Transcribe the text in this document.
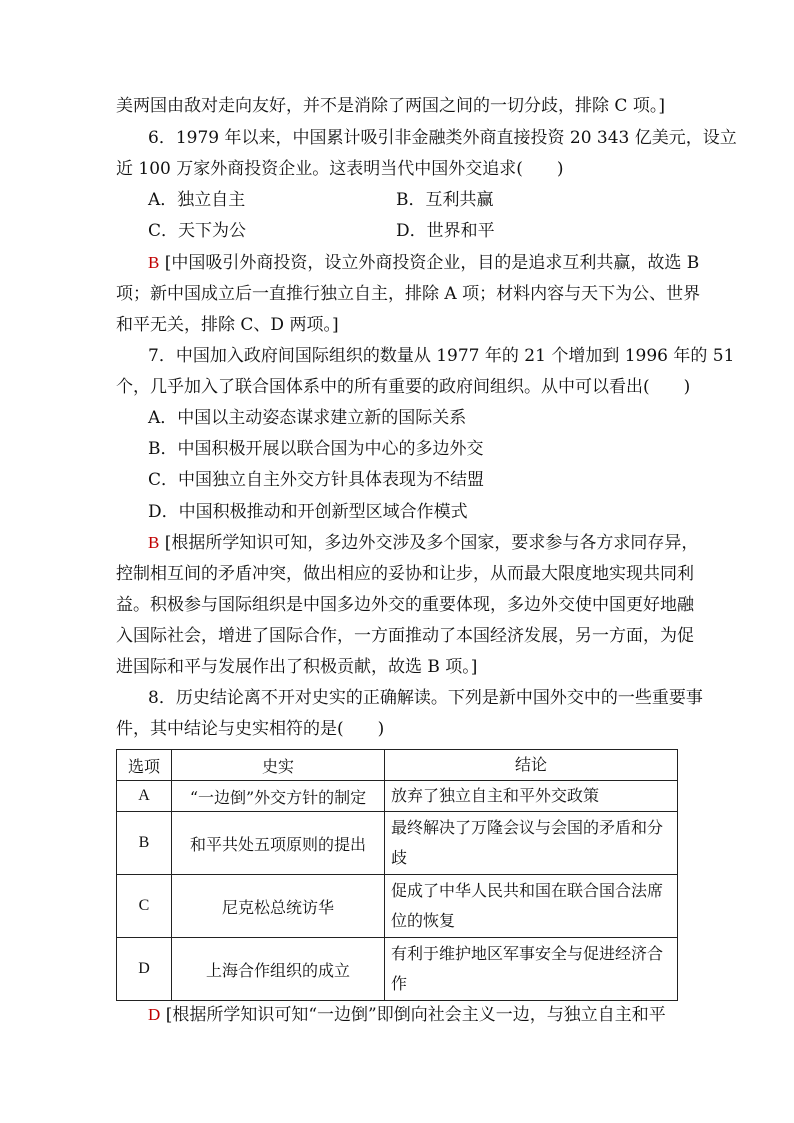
美两国由敌对走向友好，并不是消除了两国之间的一切分歧，排除 C 项。]
6．1979 年以来，中国累计吸引非金融类外商直接投资 20 343 亿美元，设立
近 100 万家外商投资企业。这表明当代中国外交追求(　　)
A．独立自主	B．互利共赢
C．天下为公	D．世界和平
B [中国吸引外商投资，设立外商投资企业，目的是追求互利共赢，故选 B
项；新中国成立后一直推行独立自主，排除 A 项；材料内容与天下为公、世界
和平无关，排除 C、D 两项。]
7．中国加入政府间国际组织的数量从 1977 年的 21 个增加到 1996 年的 51
个，几乎加入了联合国体系中的所有重要的政府间组织。从中可以看出(　　)
A．中国以主动姿态谋求建立新的国际关系
B．中国积极开展以联合国为中心的多边外交
C．中国独立自主外交方针具体表现为不结盟
D．中国积极推动和开创新型区域合作模式
B [根据所学知识可知，多边外交涉及多个国家，要求参与各方求同存异，
控制相互间的矛盾冲突，做出相应的妥协和让步，从而最大限度地实现共同利
益。积极参与国际组织是中国多边外交的重要体现，多边外交使中国更好地融
入国际社会，增进了国际合作，一方面推动了本国经济发展，另一方面，为促
进国际和平与发展作出了积极贡献，故选 B 项。]
8．历史结论离不开对史实的正确解读。下列是新中国外交中的一些重要事
件，其中结论与史实相符的是(　　)
选项	史实	结论
A	“一边倒”外交方针的制定	放弃了独立自主和平外交政策
B	和平共处五项原则的提出	最终解决了万隆会议与会国的矛盾和分歧
C	尼克松总统访华	促成了中华人民共和国在联合国合法席位的恢复
D	上海合作组织的成立	有利于维护地区军事安全与促进经济合作
D [根据所学知识可知“一边倒”即倒向社会主义一边，与独立自主和平
